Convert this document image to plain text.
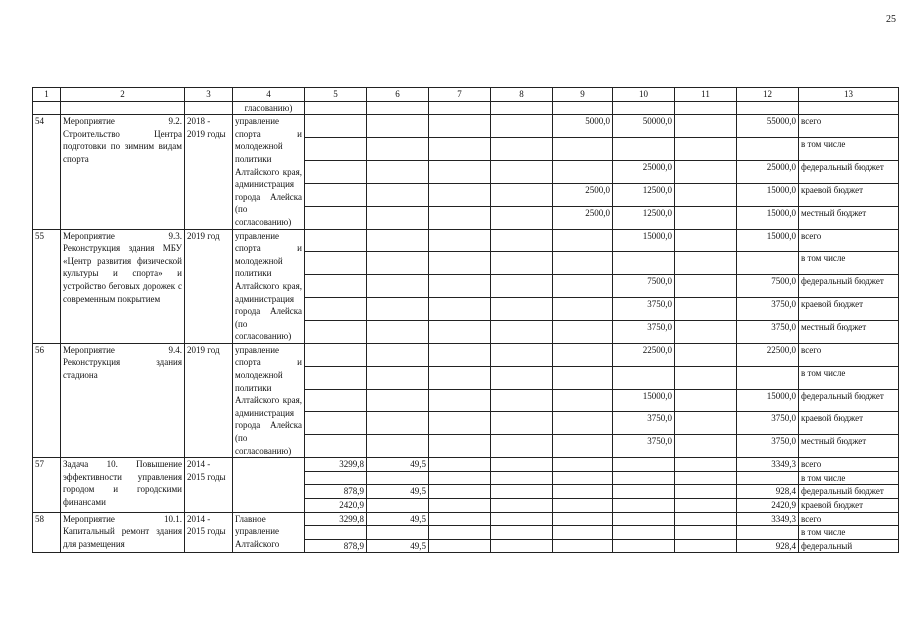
25
1	2	3	4	5	6	7	8	9	10	11	12	13
			гласованию)									
54	Мероприятие 9.2. Строительство Центра подготовки по зимним видам спорта	2018 - 2019 годы	управление спорта и молодежной политики Алтайского края, администрация города Алейска (по согласованию)					5000,0	50000,0		55000,0	всего
												в том числе
									25000,0		25000,0	федеральный бюджет
								2500,0	12500,0		15000,0	краевой бюджет
								2500,0	12500,0		15000,0	местный бюджет
55	Мероприятие 9.3. Реконструкция здания МБУ «Центр развития физической культуры и спорта» и устройство беговых дорожек с современным покрытием	2019 год	управление спорта и молодежной политики Алтайского края, администрация города Алейска (по согласованию)						15000,0		15000,0	всего
												в том числе
									7500,0		7500,0	федеральный бюджет
									3750,0		3750,0	краевой бюджет
									3750,0		3750,0	местный бюджет
56	Мероприятие 9.4. Реконструкция здания стадиона	2019 год	управление спорта и молодежной политики Алтайского края, администрация города Алейска (по согласованию)						22500,0		22500,0	всего
												в том числе
									15000,0		15000,0	федеральный бюджет
									3750,0		3750,0	краевой бюджет
									3750,0		3750,0	местный бюджет
57	Задача 10. Повышение эффективности управления городом и городскими финансами	2014 - 2015 годы		3299,8	49,5						3349,3	всего
												в том числе
				878,9	49,5						928,4	федеральный бюджет
				2420,9							2420,9	краевой бюджет
58	Мероприятие 10.1. Капитальный ремонт здания для размещения	2014 - 2015 годы	Главное управление Алтайского	3299,8	49,5						3349,3	всего
												в том числе
				878,9	49,5						928,4	федеральный
